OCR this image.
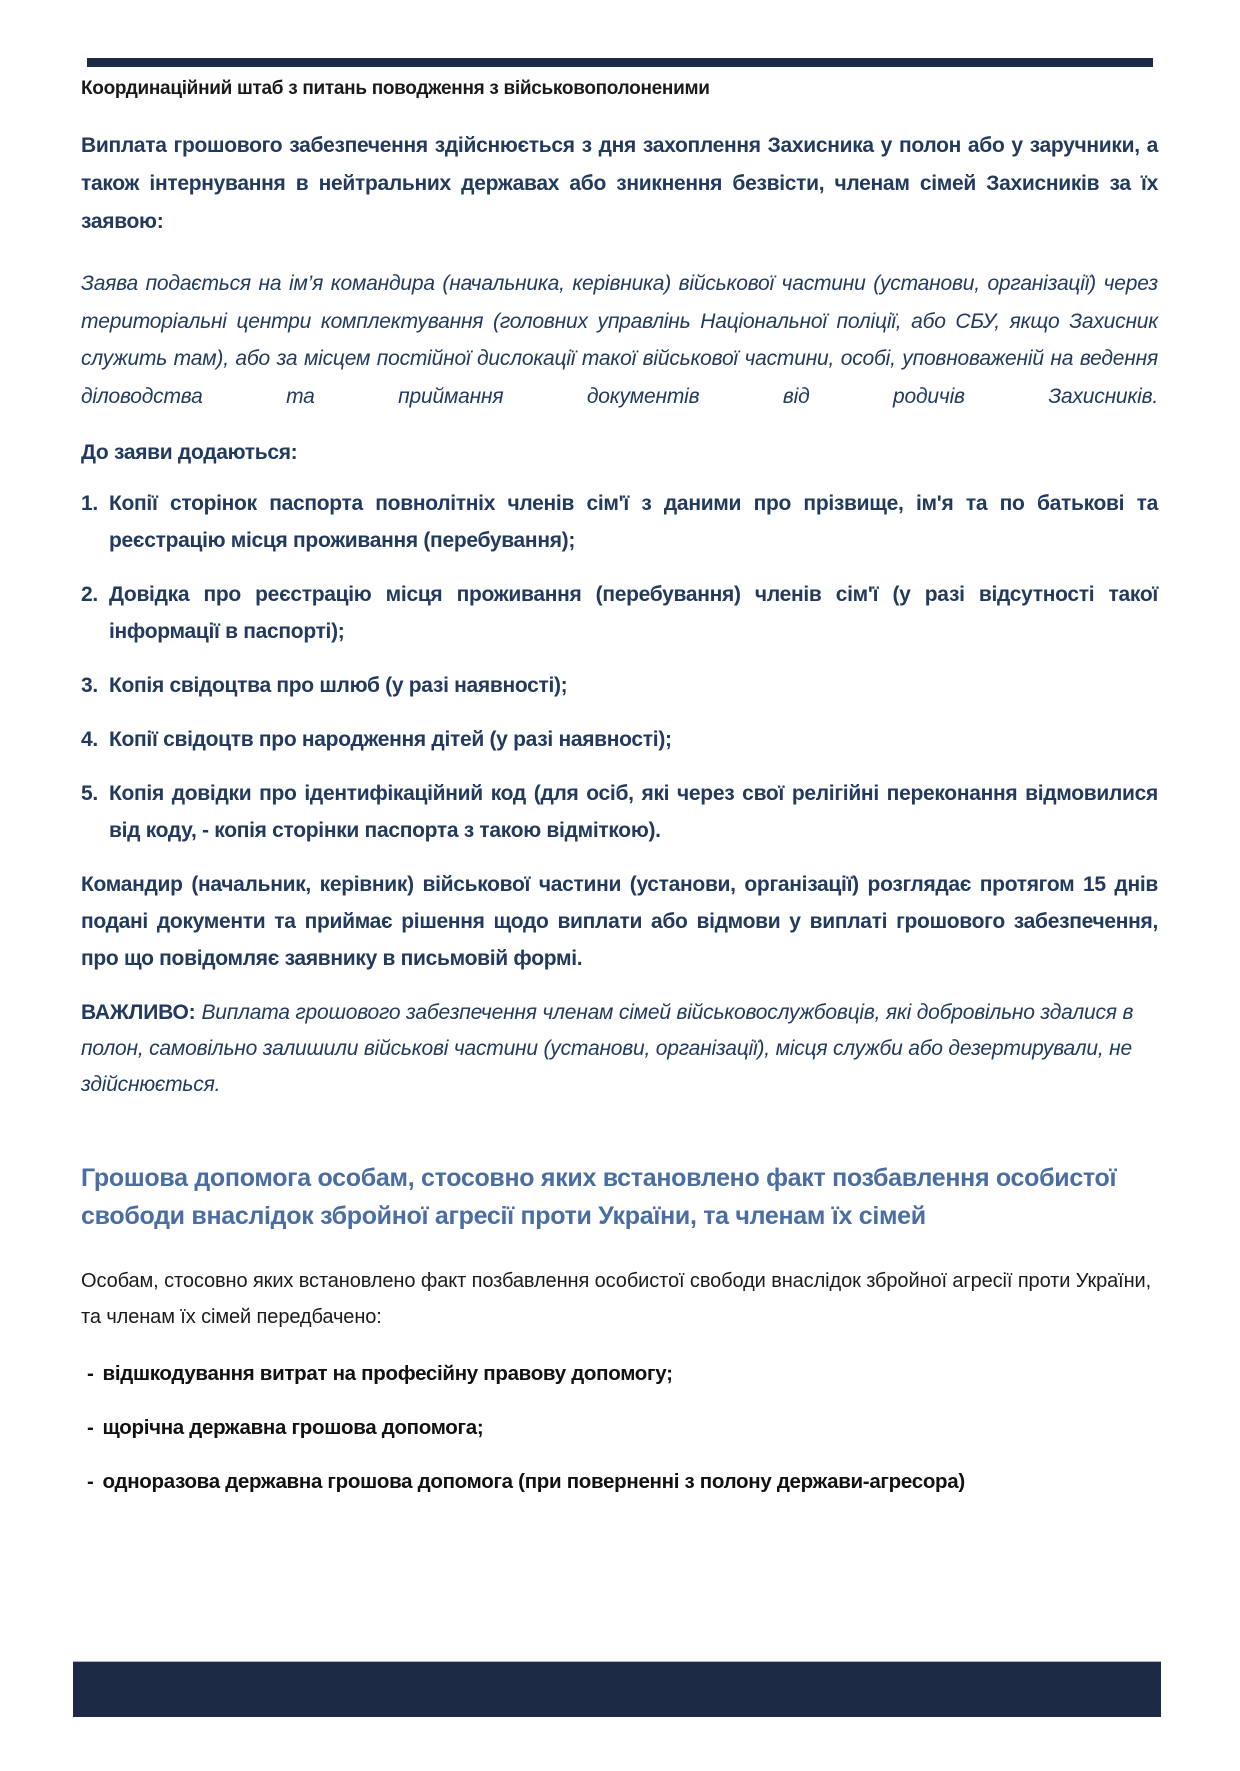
Координаційний штаб з питань поводження з військовополоненими

Виплата грошового забезпечення здійснюється з дня захоплення Захисника у полон або у заручники, а також інтернування в нейтральних державах або зникнення безвісти, членам сімей Захисників за їх заявою:

Заява подається на ім’я командира (начальника, керівника) військової частини (установи, організації) через територіальні центри комплектування (головних управлінь Національної поліції, або СБУ, якщо Захисник служить там), або за місцем постійної дислокації такої військової частини, особі, уповноваженій на ведення діловодства та приймання документів від родичів Захисників.

До заяви додаються:

1. Копії сторінок паспорта повнолітніх членів сім'ї з даними про прізвище, ім'я та по батькові та реєстрацію місця проживання (перебування);
2. Довідка про реєстрацію місця проживання (перебування) членів сім'ї (у разі відсутності такої інформації в паспорті);
3. Копія свідоцтва про шлюб (у разі наявності);
4. Копії свідоцтв про народження дітей (у разі наявності);
5. Копія довідки про ідентифікаційний код (для осіб, які через свої релігійні переконання відмовилися від коду, - копія сторінки паспорта з такою відміткою).

Командир (начальник, керівник) військової частини (установи, організації) розглядає протягом 15 днів подані документи та приймає рішення щодо виплати або відмови у виплаті грошового забезпечення, про що повідомляє заявнику в письмовій формі.

ВАЖЛИВО: Виплата грошового забезпечення членам сімей військовослужбовців, які добровільно здалися в полон, самовільно залишили військові частини (установи, організації), місця служби або дезертирували, не здійснюється.

Грошова допомога особам, стосовно яких встановлено факт позбавлення особистої свободи внаслідок збройної агресії проти України, та членам їх сімей

Особам, стосовно яких встановлено факт позбавлення особистої свободи внаслідок збройної агресії проти України, та членам їх сімей передбачено:

- відшкодування витрат на професійну правову допомогу;

- щорічна державна грошова допомога;

- одноразова державна грошова допомога (при поверненні з полону держави-агресора)
